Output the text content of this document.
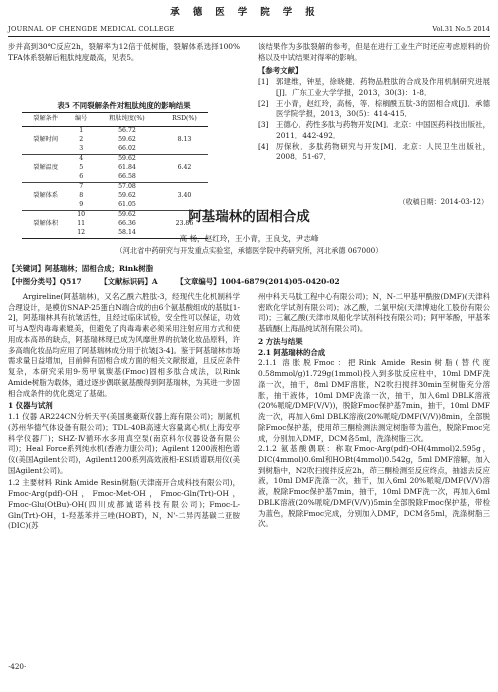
承德医学院学报
JOURNAL OF CHENGDE MEDICAL COLLEGE	Vol.31 No.5 2014

步并高到30℃反应2h，裂解率为12倍于低树脂，裂解体系选择100% TFA体系裂解后粗肽纯度最高，见表5。

表5 不同裂解条件对粗肽纯度的影响结果
裂解条件	编号	粗肽纯度(%)	RSD(%)
	1	56.72	
裂解时间	2	59.62	8.13
	3	66.02	
	4	59.62	
裂解温度	5	61.84	6.42
	6	66.58	
	7	57.08	
裂解体系	8	59.62	3.40
	9	61.05	
	10	59.62	
裂解体积	11	66.36	23.86
	12	58.14	

该结果作为多肽裂解的参考，但是在进行工业生产时还应考虑原料的价格以及中试结果对得率的影响。

【参考文献】
[1] 郭建维，钟星，徐晓健．药物品胜肽的合成及作用机制研究进展[J]．广东工业大学学报，2013，30(3)：1-8．
[2] 王小青，赵红玲，高杨，等．棕榈酰五肽-3的固相合成[J]．承德医学院学报，2013，30(5)：414-415．
[3] 王德心．药性多肽与药物开发[M]．北京：中国医药科技出版社，2011．442-492．
[4] 厉保秋．多肽药物研究与开发[M]．北京：人民卫生出版社，2008．51-67．
（收稿日期：2014-03-12）
阿基瑞林的固相合成
高 杨，赵红玲，王小青，王良戈，尹志峰
（河北省中药研究与开发重点实验室，承德医学院中药研究所，河北承德 067000）
【关键词】阿基瑞林；固相合成；Rink树脂
【中图分类号】Q517	【文献标识码】A	【文章编号】1004-6879(2014)05-0420-02

Argireline(阿基瑞林)，又名乙酰六胜肽-3，经现代生化机制科学合理设计，是模仿SNAP-25蛋白N端合成的由6个氨基酸组成的基肽[1-2]，阿基瑞林具有抗皱活性，且经过临床试验，安全性可以保证，功效可与A型肉毒毒素媲美，但避免了肉毒毒素必须采用注射应用方式和使用成本高昂的缺点，阿基瑞林现已成为风靡世界的抗皱化妆品原料，许多高端化妆品均应用了阿基瑞林成分用于抗皱[3-4]。鉴于阿基瑞林市场需求量日益增加，目前鲜有固相合成方面的相关文献报道，且反应条件复杂，本研究采用9-芴甲氧羰基(Fmoc)固相多肽合成法，以Rink Amide树脂为载体，通过逐步偶联氨基酸得到阿基瑞林，为其进一步固相合成条件的优化奠定了基础。

1 仪器与试剂

1.1 仪器 AR224CN分析天平(美国奥豪斯仪器上海有限公司)；制氮机(苏州华德气体设备有限公司)；TDL-40B高速大容量离心机(上海安亭科学仪器厂)；SHZ-Ⅳ循环水多用真空泵(南京科尔仪器设备有限公司)；Heal Force系列纯水机(香港力康公司)；Agilent 1200液相色谱仪(美国Agilent公司)，Agilent1200系列高效液相-ESI质谱联用仪(美国Agilent公司)。

1.2 主要材料 Rink Amide Resin树脂(天津南开合成科技有限公司)，Fmoc-Arg(pdf)-OH，Fmoc-Met-OH，Fmoc-Gln(Trt)-OH，Fmoc-Glu(OtBu)-OH(四川成都诚诺科技有限公司)；Fmoc-L-Gln(Trt)-OH，1-羟基苯并三唑(HOBT)，N，N'-二异丙基碳二亚胺(DIC)(苏

州中科天马肽工程中心有限公司)；N，N-二甲基甲酰胺(DMF)(天津科密欧化学试剂有限公司)；冰乙酸，二氯甲烷(天津博迪化工股份有限公司)；三氟乙酸(天津市凤船化学试剂科技有限公司)；阿甲苯酚，甲基苯基硫醚(上海晶纯试剂有限公司)。

2 方法与结果
2.1 阿基瑞林的合成

2.1.1 溶胀脱Fmoc：把Rink Amide Resin树脂(替代度0.58mmol/g)1.729g(1mmol)投入到多肽反应柱中，10ml DMF洗涤一次，抽干，8ml DMF溶胀，N2吹扫搅拌30min至树脂充分溶胀，抽干液体，10ml DMF洗涤一次，抽干，加入6ml DBLK溶液(20%哌啶/DMF(V/V))，脱除Fmoc保护基7min，抽干，10ml DMF洗一次，再加入6ml DBLK溶液(20%哌啶/DMF(V/V))8min，全部脱除Fmoc保护基，使用茚三酮检测法测定树脂带为蓝色，脱除Fmoc完成，分别加入DMF，DCM各5ml，洗涤树脂三次。

2.1.2 氨基酸偶联：称取Fmoc-Arg(pdf)-OH(4mmol)2.595g，DIC(4mmol)0.6ml和HOBt(4mmol)0.542g，5ml DMF溶解，加入到树脂中，N2吹扫搅拌反应2h，茚三酮检测至反应终点，抽滤去反应液，10ml DMF洗涤一次，抽干，加入6ml 20%哌啶/DMF(V/V)溶液，脱除Fmoc保护基7min，抽干，10ml DMF洗一次，再加入6ml DBLK溶液(20%哌啶/DMF(V/V))5min全部脱除Fmoc保护基，带检为蓝色，脱除Fmoc完成，分别加入DMF，DCM各5ml，洗涤树脂三次。

·420·
